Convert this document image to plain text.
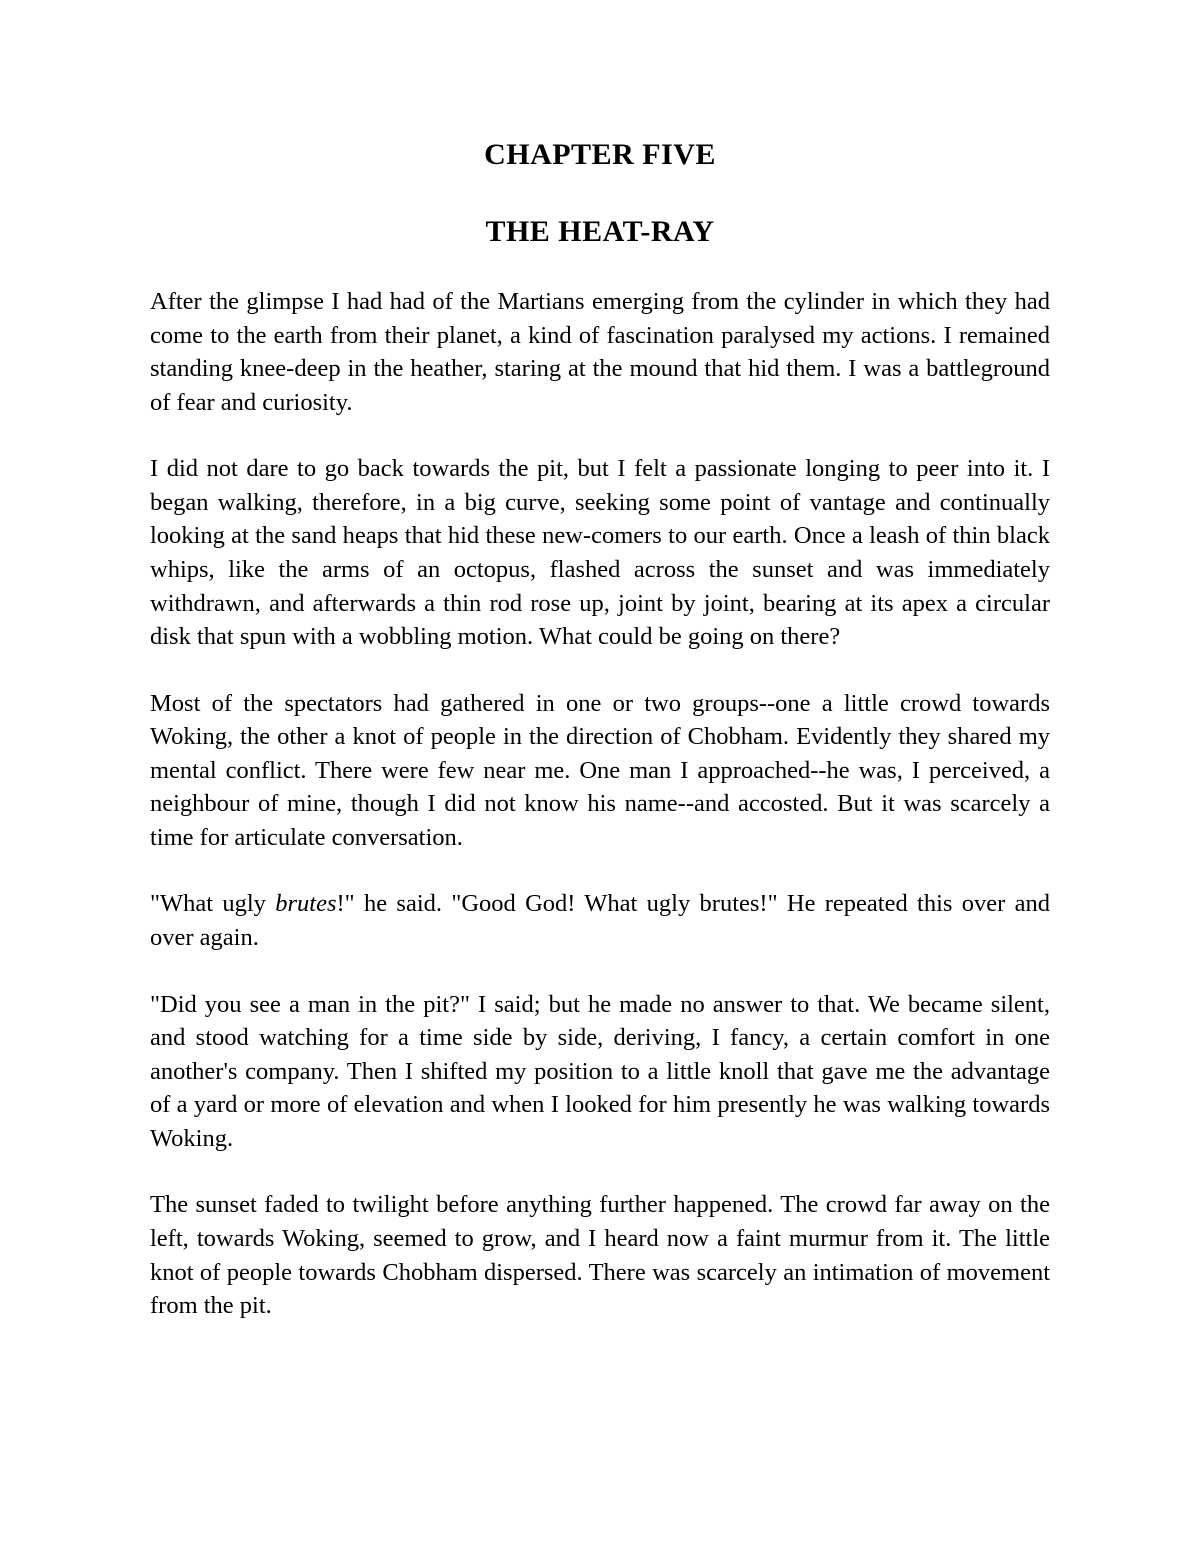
CHAPTER FIVE
THE HEAT-RAY

After the glimpse I had had of the Martians emerging from the cylinder in which they had come to the earth from their planet, a kind of fascination paralysed my actions. I remained standing knee-deep in the heather, staring at the mound that hid them. I was a battleground of fear and curiosity.

I did not dare to go back towards the pit, but I felt a passionate longing to peer into it. I began walking, therefore, in a big curve, seeking some point of vantage and continually looking at the sand heaps that hid these new-comers to our earth. Once a leash of thin black whips, like the arms of an octopus, flashed across the sunset and was immediately withdrawn, and afterwards a thin rod rose up, joint by joint, bearing at its apex a circular disk that spun with a wobbling motion. What could be going on there?

Most of the spectators had gathered in one or two groups--one a little crowd towards Woking, the other a knot of people in the direction of Chobham. Evidently they shared my mental conflict. There were few near me. One man I approached--he was, I perceived, a neighbour of mine, though I did not know his name--and accosted. But it was scarcely a time for articulate conversation.

"What ugly brutes!" he said. "Good God! What ugly brutes!" He repeated this over and over again.

"Did you see a man in the pit?" I said; but he made no answer to that. We became silent, and stood watching for a time side by side, deriving, I fancy, a certain comfort in one another's company. Then I shifted my position to a little knoll that gave me the advantage of a yard or more of elevation and when I looked for him presently he was walking towards Woking.

The sunset faded to twilight before anything further happened. The crowd far away on the left, towards Woking, seemed to grow, and I heard now a faint murmur from it. The little knot of people towards Chobham dispersed. There was scarcely an intimation of movement from the pit.
